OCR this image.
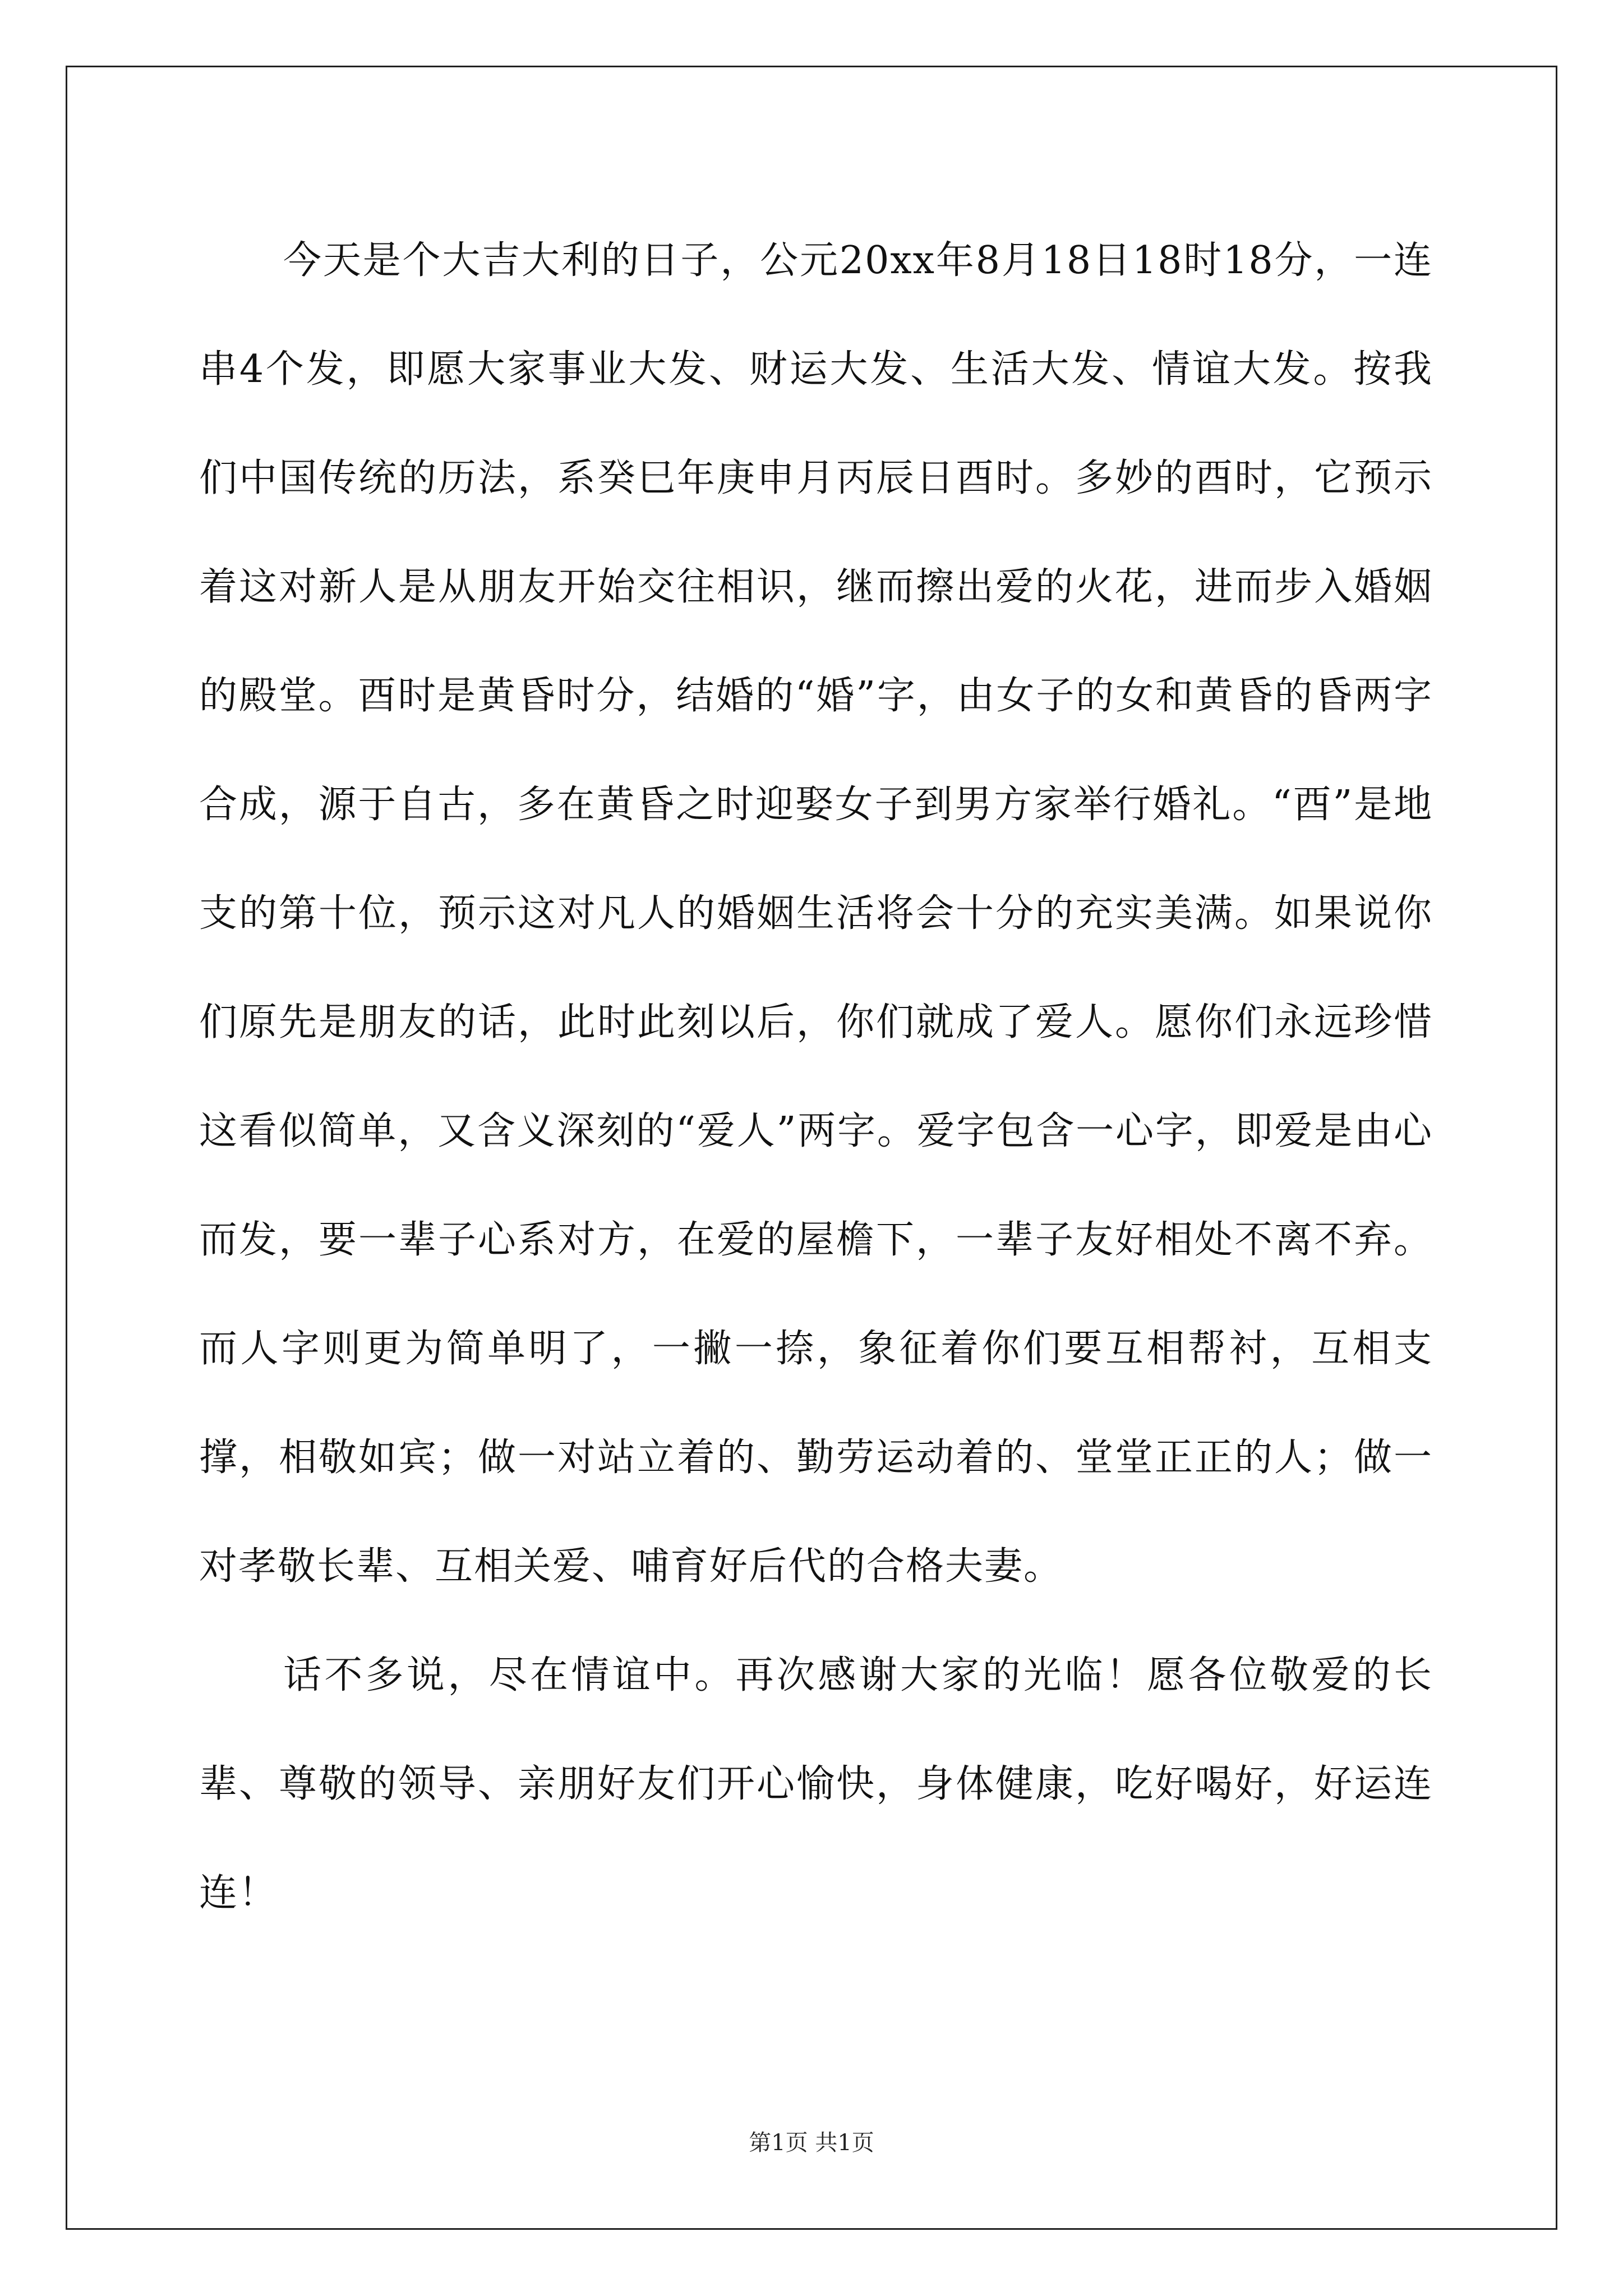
今天是个大吉大利的日子，公元20xx年8月18日18时18分，一连串4个发，即愿大家事业大发、财运大发、生活大发、情谊大发。按我们中国传统的历法，系癸巳年庚申月丙辰日酉时。多妙的酉时，它预示着这对新人是从朋友开始交往相识，继而擦出爱的火花，进而步入婚姻的殿堂。酉时是黄昏时分，结婚的“婚”字，由女子的女和黄昏的昏两字合成，源于自古，多在黄昏之时迎娶女子到男方家举行婚礼。“酉”是地支的第十位，预示这对凡人的婚姻生活将会十分的充实美满。如果说你们原先是朋友的话，此时此刻以后，你们就成了爱人。愿你们永远珍惜这看似简单，又含义深刻的“爱人”两字。爱字包含一心字，即爱是由心而发，要一辈子心系对方，在爱的屋檐下，一辈子友好相处不离不弃。而人字则更为简单明了，一撇一捺，象征着你们要互相帮衬，互相支撑，相敬如宾；做一对站立着的、勤劳运动着的、堂堂正正的人；做一对孝敬长辈、互相关爱、哺育好后代的合格夫妻。

话不多说，尽在情谊中。再次感谢大家的光临！愿各位敬爱的长辈、尊敬的领导、亲朋好友们开心愉快，身体健康，吃好喝好，好运连连！

第1页 共1页
